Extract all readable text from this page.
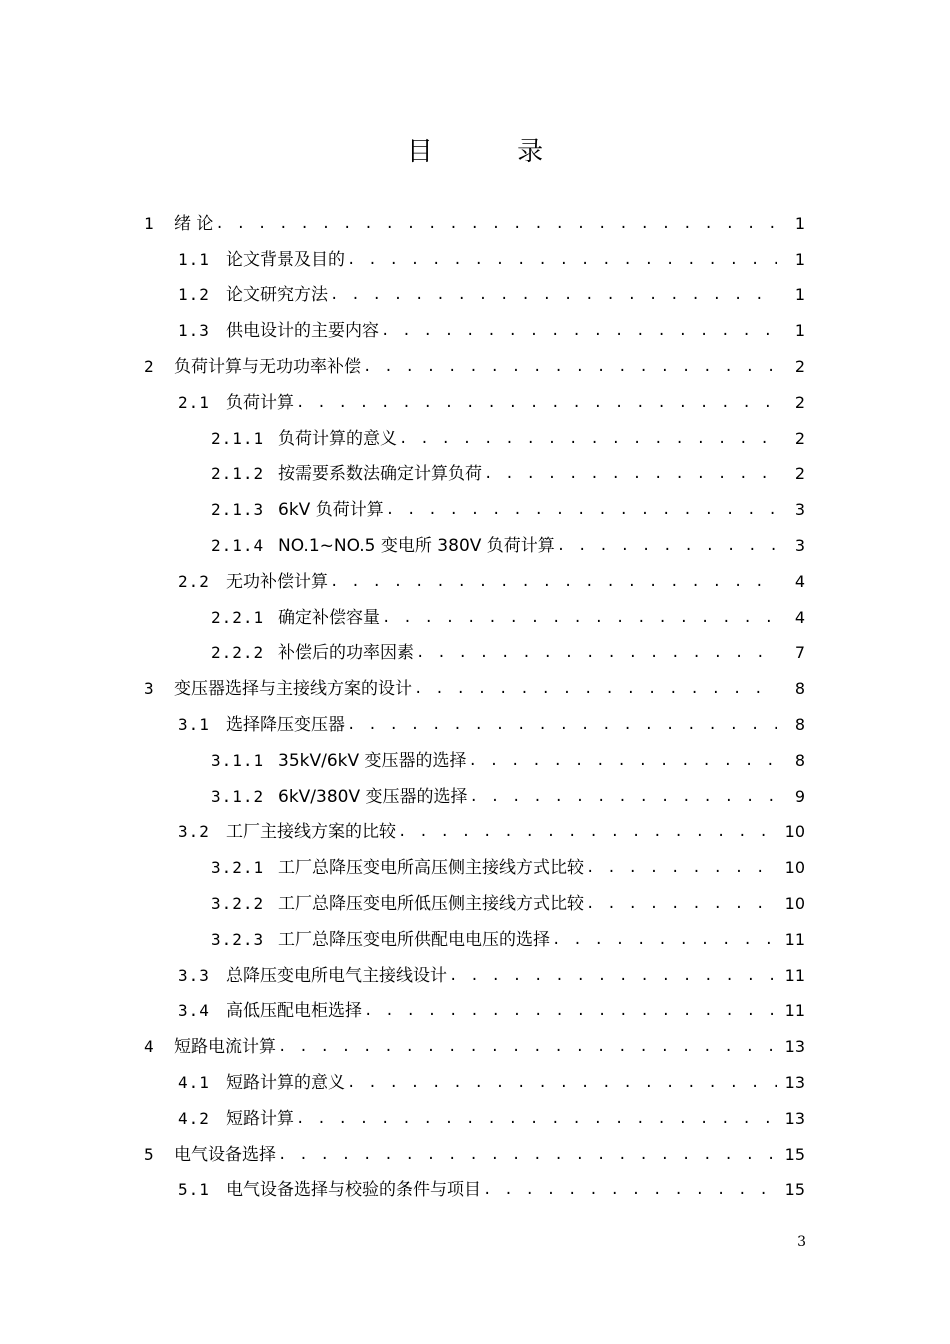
目 录
1	绪 论 . . .	1
1.1 论文背景及目的 . . .	1
1.2 论文研究方法 . . .	1
1.3 供电设计的主要内容 . . .	1
2	负荷计算与无功功率补偿 . . .	2
2.1 负荷计算 . . .	2
2.1.1 负荷计算的意义 . . .	2
2.1.2 按需要系数法确定计算负荷 . . .	2
2.1.3 6kV 负荷计算 . . .	3
2.1.4 NO.1~NO.5 变电所 380V 负荷计算 . . .	3
2.2 无功补偿计算 . . .	4
2.2.1 确定补偿容量 . . .	4
2.2.2 补偿后的功率因素 . . .	7
3	变压器选择与主接线方案的设计 . . .	8
3.1 选择降压变压器 . . .	8
3.1.1 35kV/6kV 变压器的选择 . . .	8
3.1.2 6kV/380V 变压器的选择 . . .	9
3.2 工厂主接线方案的比较 . . .	10
3.2.1 工厂总降压变电所高压侧主接线方式比较 . . .	10
3.2.2 工厂总降压变电所低压侧主接线方式比较 . . .	10
3.2.3 工厂总降压变电所供配电电压的选择 . . .	11
3.3 总降压变电所电气主接线设计 . . .	11
3.4 高低压配电柜选择 . . .	11
4	短路电流计算 . . .	13
4.1 短路计算的意义 . . .	13
4.2 短路计算 . . .	13
5	电气设备选择 . . .	15
5.1 电气设备选择与校验的条件与项目 . . .	15
3
